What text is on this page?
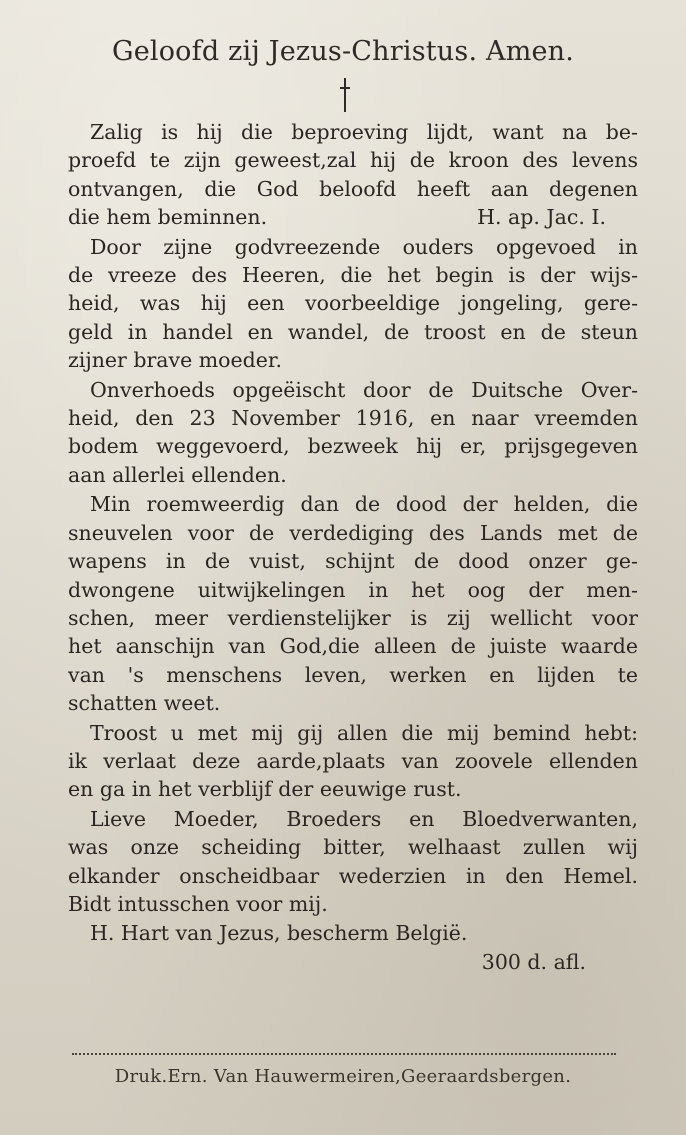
Geloofd zij Jezus-Christus. Amen.
Zalig is hij die beproeving lijdt, want na be-
proefd te zijn geweest,zal hij de kroon des levens
ontvangen, die God beloofd heeft aan degenen
die hem beminnen.	H. ap. Jac. I.
Door zijne godvreezende ouders opgevoed in
de vreeze des Heeren, die het begin is der wijs-
heid, was hij een voorbeeldige jongeling, gere-
geld in handel en wandel, de troost en de steun
zijner brave moeder.
Onverhoeds opgeëischt door de Duitsche Over-
heid, den 23 November 1916, en naar vreemden
bodem weggevoerd, bezweek hij er, prijsgegeven
aan allerlei ellenden.
Min roemweerdig dan de dood der helden, die
sneuvelen voor de verdediging des Lands met de
wapens in de vuist, schijnt de dood onzer ge-
dwongene uitwijkelingen in het oog der men-
schen, meer verdienstelijker is zij wellicht voor
het aanschijn van God,die alleen de juiste waarde
van 's menschens leven, werken en lijden te
schatten weet.
Troost u met mij gij allen die mij bemind hebt:
ik verlaat deze aarde,plaats van zoovele ellenden
en ga in het verblijf der eeuwige rust.
Lieve Moeder, Broeders en Bloedverwanten,
was onze scheiding bitter, welhaast zullen wij
elkander onscheidbaar wederzien in den Hemel.
Bidt intusschen voor mij.
H. Hart van Jezus, bescherm België.
300 d. afl.
Druk.Ern. Van Hauwermeiren,Geeraardsbergen.
